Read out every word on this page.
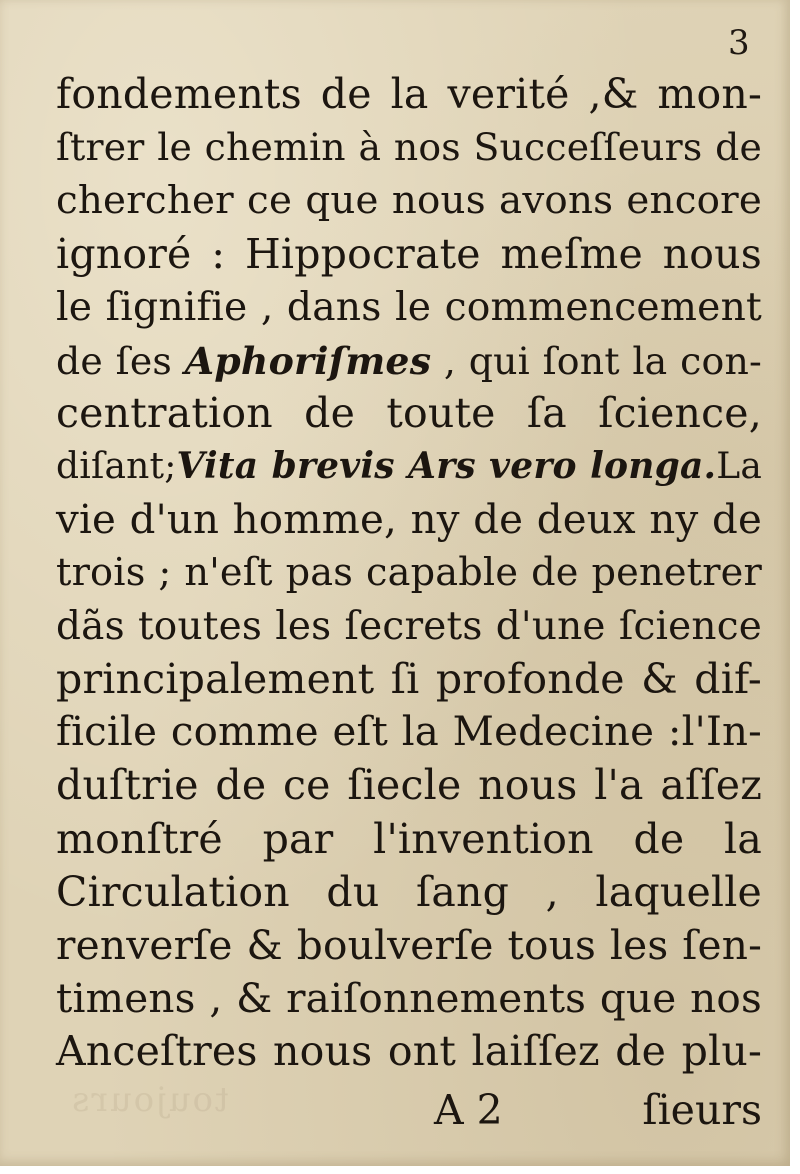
toujours
3
fondements de la verité ,& mon-
ſtrer le chemin à nos Succeſſeurs de
chercher ce que nous avons encore
ignoré : Hippocrate meſme nous
le ſignifie , dans le commencement
de ſes Aphoriſmes , qui ſont la con-
centration de toute ſa ſcience,
diſant;Vita brevis Ars vero longa.La
vie d'un homme, ny de deux ny de
trois ; n'eſt pas capable de penetrer
dãs toutes les ſecrets d'une ſcience
principalement ſi profonde & dif-
ficile comme eſt la Medecine :l'In-
duſtrie de ce ſiecle nous l'a aſſez
monſtré par l'invention de la
Circulation du ſang , laquelle
renverſe & boulverſe tous les ſen-
timens , & raiſonnements que nos
Anceſtres nous ont laiſſez de plu-
A 2	ſieurs
